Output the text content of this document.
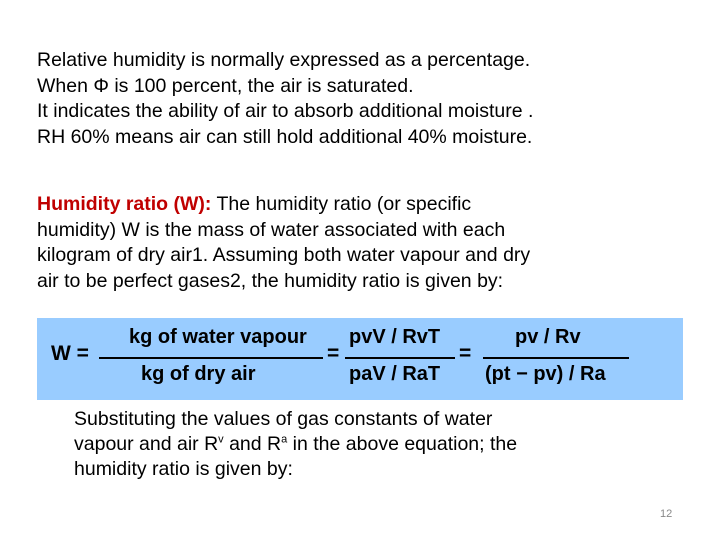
Relative humidity is normally expressed as a percentage.
When Φ is 100 percent, the air is saturated.
It indicates the ability of air to absorb additional moisture .
RH 60% means air can still hold additional 40% moisture.
Humidity ratio (W): The humidity ratio (or specific
humidity) W is the mass of water associated with each
kilogram of dry air1. Assuming both water vapour and dry
air to be perfect gases2, the humidity ratio is given by:
W =
kg of water vapour
kg of dry air
=
pvV / RvT
paV / RaT
=
pv / Rv
(pt − pv) / Ra
Substituting the values of gas constants of water
vapour and air $R^v$ and $R^a$ in the above equation; the
humidity ratio is given by:
12
